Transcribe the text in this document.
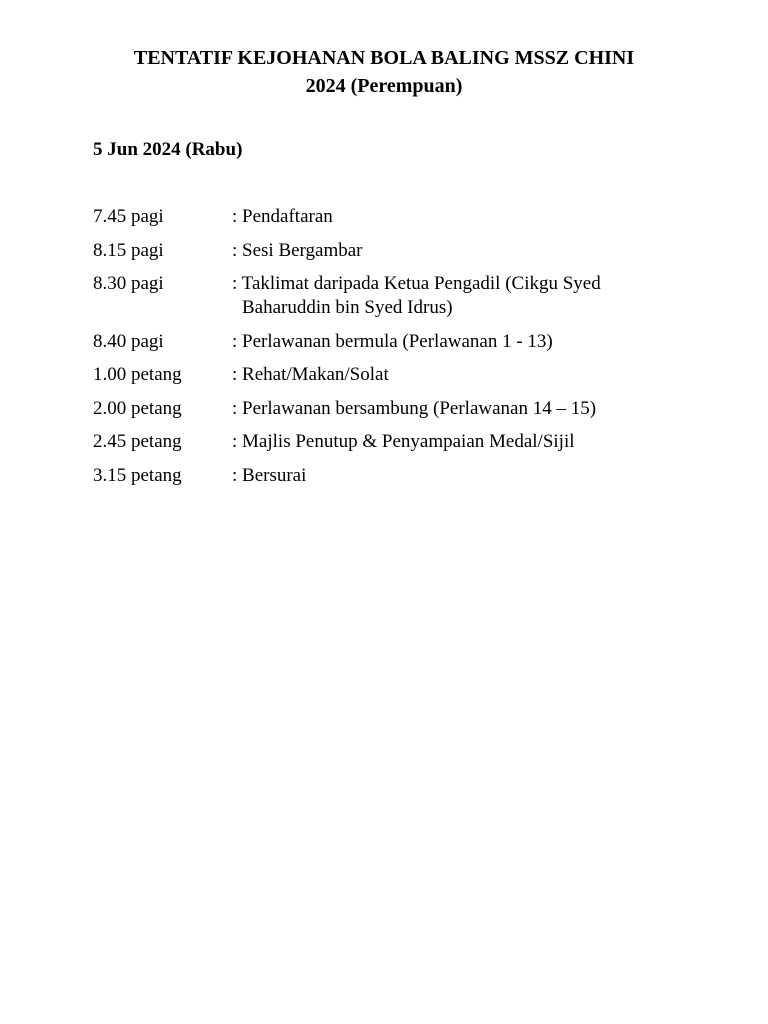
TENTATIF KEJOHANAN BOLA BALING MSSZ CHINI
2024 (Perempuan)
5 Jun 2024 (Rabu)
7.45 pagi	: Pendaftaran
8.15 pagi	: Sesi Bergambar
8.30 pagi	: Taklimat daripada Ketua Pengadil (Cikgu Syed Baharuddin bin Syed Idrus)
8.40 pagi	: Perlawanan bermula (Perlawanan 1 - 13)
1.00 petang	: Rehat/Makan/Solat
2.00 petang	: Perlawanan bersambung (Perlawanan 14 – 15)
2.45 petang	: Majlis Penutup & Penyampaian Medal/Sijil
3.15 petang	: Bersurai
